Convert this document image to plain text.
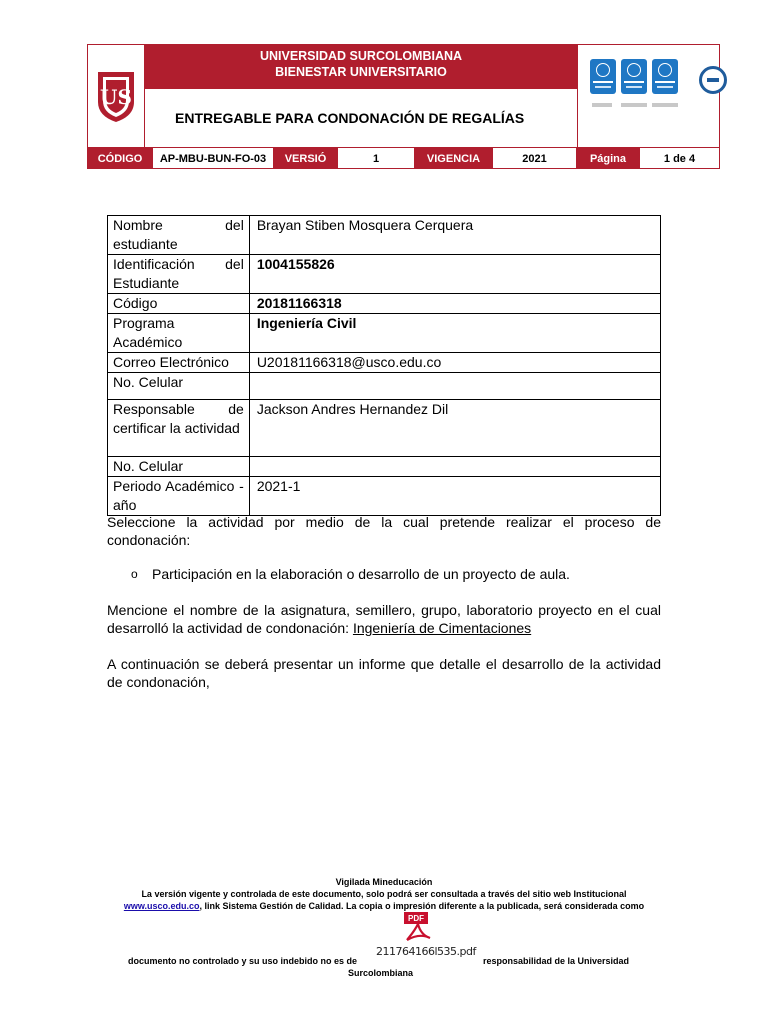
US
UNIVERSIDAD SURCOLOMBIANA
BIENESTAR UNIVERSITARIO
ENTREGABLE PARA CONDONACIÓN DE REGALÍAS
CÓDIGO	AP-MBU-BUN-FO-03	VERSIÓ	1	VIGENCIA	2021	Página	1 de 4
Nombre del estudiante	Brayan Stiben Mosquera Cerquera
Identificación del Estudiante	1004155826
Código	20181166318
Programa Académico	Ingeniería Civil
Correo Electrónico	U20181166318@usco.edu.co
No. Celular	
Responsable de certificar la actividad	Jackson Andres Hernandez Dil
No. Celular	
Periodo Académico - año	2021-1
Seleccione la actividad por medio de la cual pretende realizar el proceso de condonación:
o	Participación en la elaboración o desarrollo de un proyecto de aula.
Mencione el nombre de la asignatura, semillero, grupo, laboratorio proyecto en el cual desarrolló la actividad de condonación: Ingeniería de Cimentaciones
A continuación se deberá presentar un informe que detalle el desarrollo de la actividad de condonación,
Vigilada Mineducación
La versión vigente y controlada de este documento, solo podrá ser consultada a través del sitio web Institucional
www.usco.edu.co, link Sistema Gestión de Calidad. La copia o impresión diferente a la publicada, será considerada como
PDF
211764166l535.pdf
documento no controlado y su uso indebido no es de	responsabilidad de la Universidad
Surcolombiana
